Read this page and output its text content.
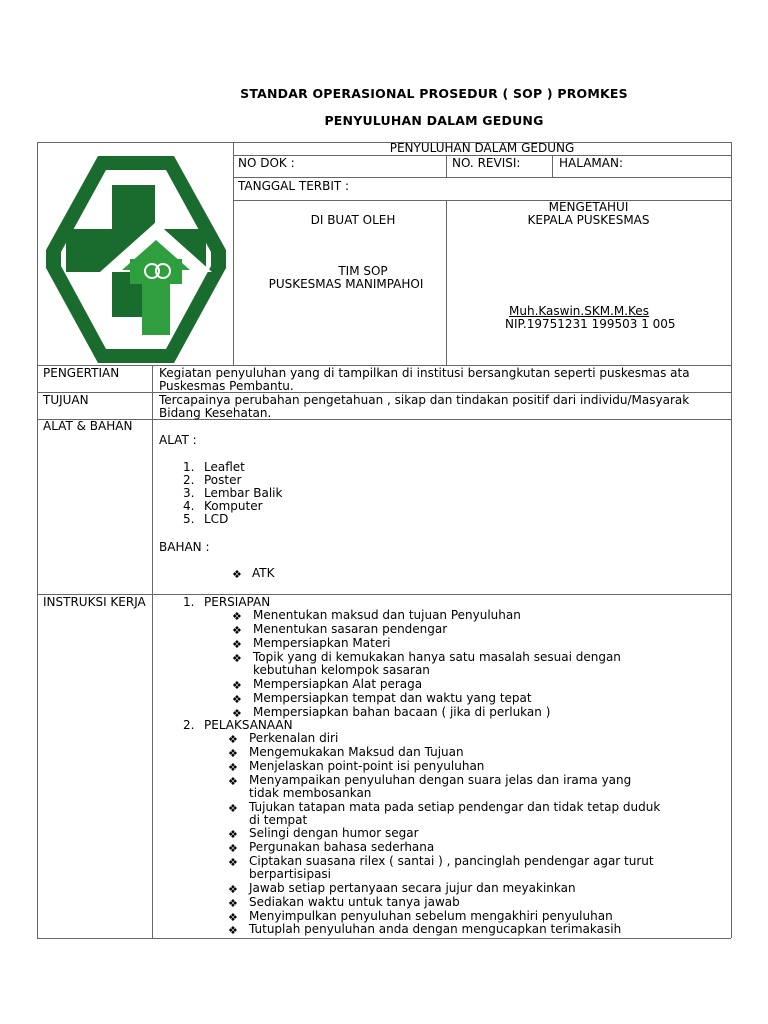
STANDAR OPERASIONAL PROSEDUR ( SOP ) PROMKES
PENYULUHAN DALAM GEDUNG
PENYULUHAN DALAM GEDUNG
NO DOK :	NO. REVISI:	HALAMAN:
TANGGAL TERBIT :
DI BUAT OLEH
TIM SOP
PUSKESMAS MANIMPAHOI
MENGETAHUI
KEPALA PUSKESMAS
Muh.Kaswin.SKM.M.Kes
NIP.19751231 199503 1 005
PENGERTIAN	Kegiatan penyuluhan yang di tampilkan di institusi bersangkutan seperti puskesmas ata
Puskesmas Pembantu.
TUJUAN	Tercapainya perubahan pengetahuan , sikap dan tindakan positif dari individu/Masyarak
Bidang Kesehatan.
ALAT & BAHAN
ALAT :
1. Leaflet
2. Poster
3. Lembar Balik
4. Komputer
5. LCD
BAHAN :
❖ ATK
INSTRUKSI KERJA	1. PERSIAPAN
❖ Menentukan maksud dan tujuan Penyuluhan
❖ Menentukan sasaran pendengar
❖ Mempersiapkan Materi
❖ Topik yang di kemukakan hanya satu masalah sesuai dengan
kebutuhan kelompok sasaran
❖ Mempersiapkan Alat peraga
❖ Mempersiapkan tempat dan waktu yang tepat
❖ Mempersiapkan bahan bacaan ( jika di perlukan )
2. PELAKSANAAN
❖ Perkenalan diri
❖ Mengemukakan Maksud dan Tujuan
❖ Menjelaskan point-point isi penyuluhan
❖ Menyampaikan penyuluhan dengan suara jelas dan irama yang
tidak membosankan
❖ Tujukan tatapan mata pada setiap pendengar dan tidak tetap duduk
di tempat
❖ Selingi dengan humor segar
❖ Pergunakan bahasa sederhana
❖ Ciptakan suasana rilex ( santai ) , pancinglah pendengar agar turut
berpartisipasi
❖ Jawab setiap pertanyaan secara jujur dan meyakinkan
❖ Sediakan waktu untuk tanya jawab
❖ Menyimpulkan penyuluhan sebelum mengakhiri penyuluhan
❖ Tutuplah penyuluhan anda dengan mengucapkan terimakasih
